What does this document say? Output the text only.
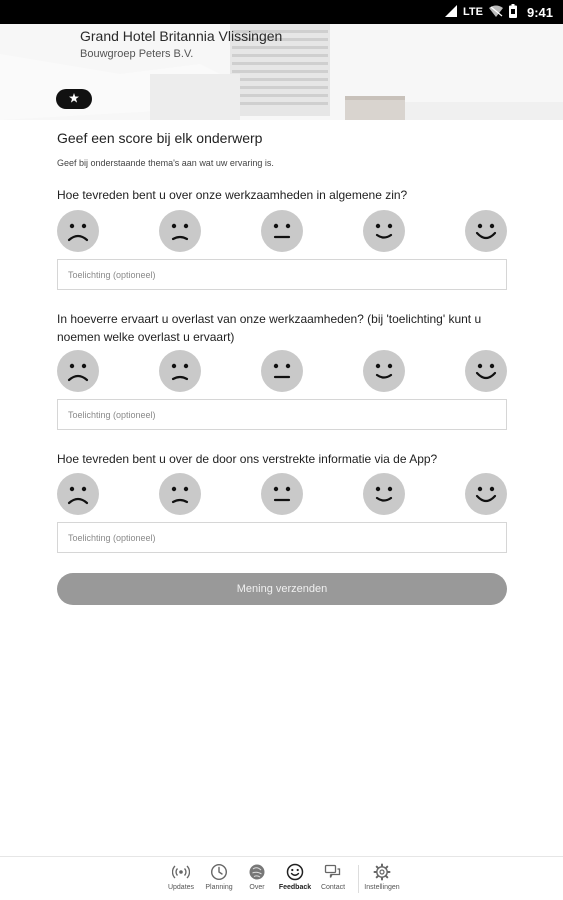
LTE	9:41
Grand Hotel Britannia Vlissingen
Bouwgroep Peters B.V.
Geef een score bij elk onderwerp
Geef bij onderstaande thema's aan wat uw ervaring is.
Hoe tevreden bent u over onze werkzaamheden in algemene zin?
Toelichting (optioneel)
In hoeverre ervaart u overlast van onze werkzaamheden? (bij 'toelichting' kunt u noemen welke overlast u ervaart)
Toelichting (optioneel)
Hoe tevreden bent u over de door ons verstrekte informatie via de App?
Toelichting (optioneel)
Mening verzenden
Updates	Planning	Over	Feedback	Contact	Instellingen
